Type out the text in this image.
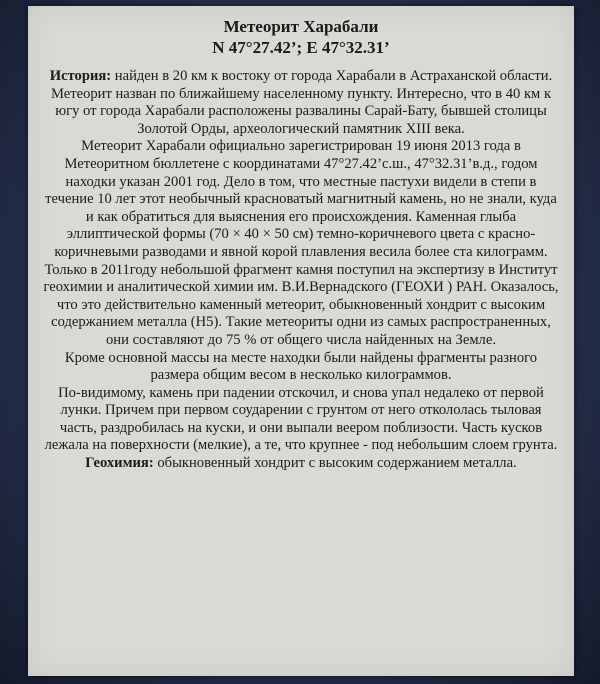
Метеорит Харабали
N 47°27.42’; E 47°32.31’

История: найден в 20 км к востоку от города Харабали в Астраханской области. Метеорит назван по ближайшему населенному пункту. Интересно, что в 40 км к югу от города Харабали расположены развалины Сарай-Бату, бывшей столицы Золотой Орды, археологический памятник XIII века.

Метеорит Харабали официально зарегистрирован 19 июня 2013 года в Метеоритном бюллетене с координатами 47°27.42’с.ш., 47°32.31’в.д., годом находки указан 2001 год. Дело в том, что местные пастухи видели в степи в течение 10 лет этот необычный красноватый магнитный камень, но не знали, куда и как обратиться для выяснения его происхождения. Каменная глыба эллиптической формы (70 × 40 × 50 см) темно-коричневого цвета с красно-коричневыми разводами и явной корой плавления весила более ста килограмм.

Только в 2011году небольшой фрагмент камня поступил на экспертизу в Институт геохимии и аналитической химии им. В.И.Вернадского (ГЕОХИ ) РАН. Оказалось, что это действительно каменный метеорит, обыкновенный хондрит с высоким содержанием металла (H5). Такие метеориты одни из самых распространенных, они составляют до 75 % от общего числа найденных на Земле.

Кроме основной массы на месте находки были найдены фрагменты разного размера общим весом в несколько килограммов.

По-видимому, камень при падении отскочил, и снова упал недалеко от первой лунки. Причем при первом соударении с грунтом от него откололась тыловая часть, раздробилась на куски, и они выпали веером поблизости. Часть кусков лежала на поверхности (мелкие), а те, что крупнее - под небольшим слоем грунта.

Геохимия: обыкновенный хондрит с высоким содержанием металла.
